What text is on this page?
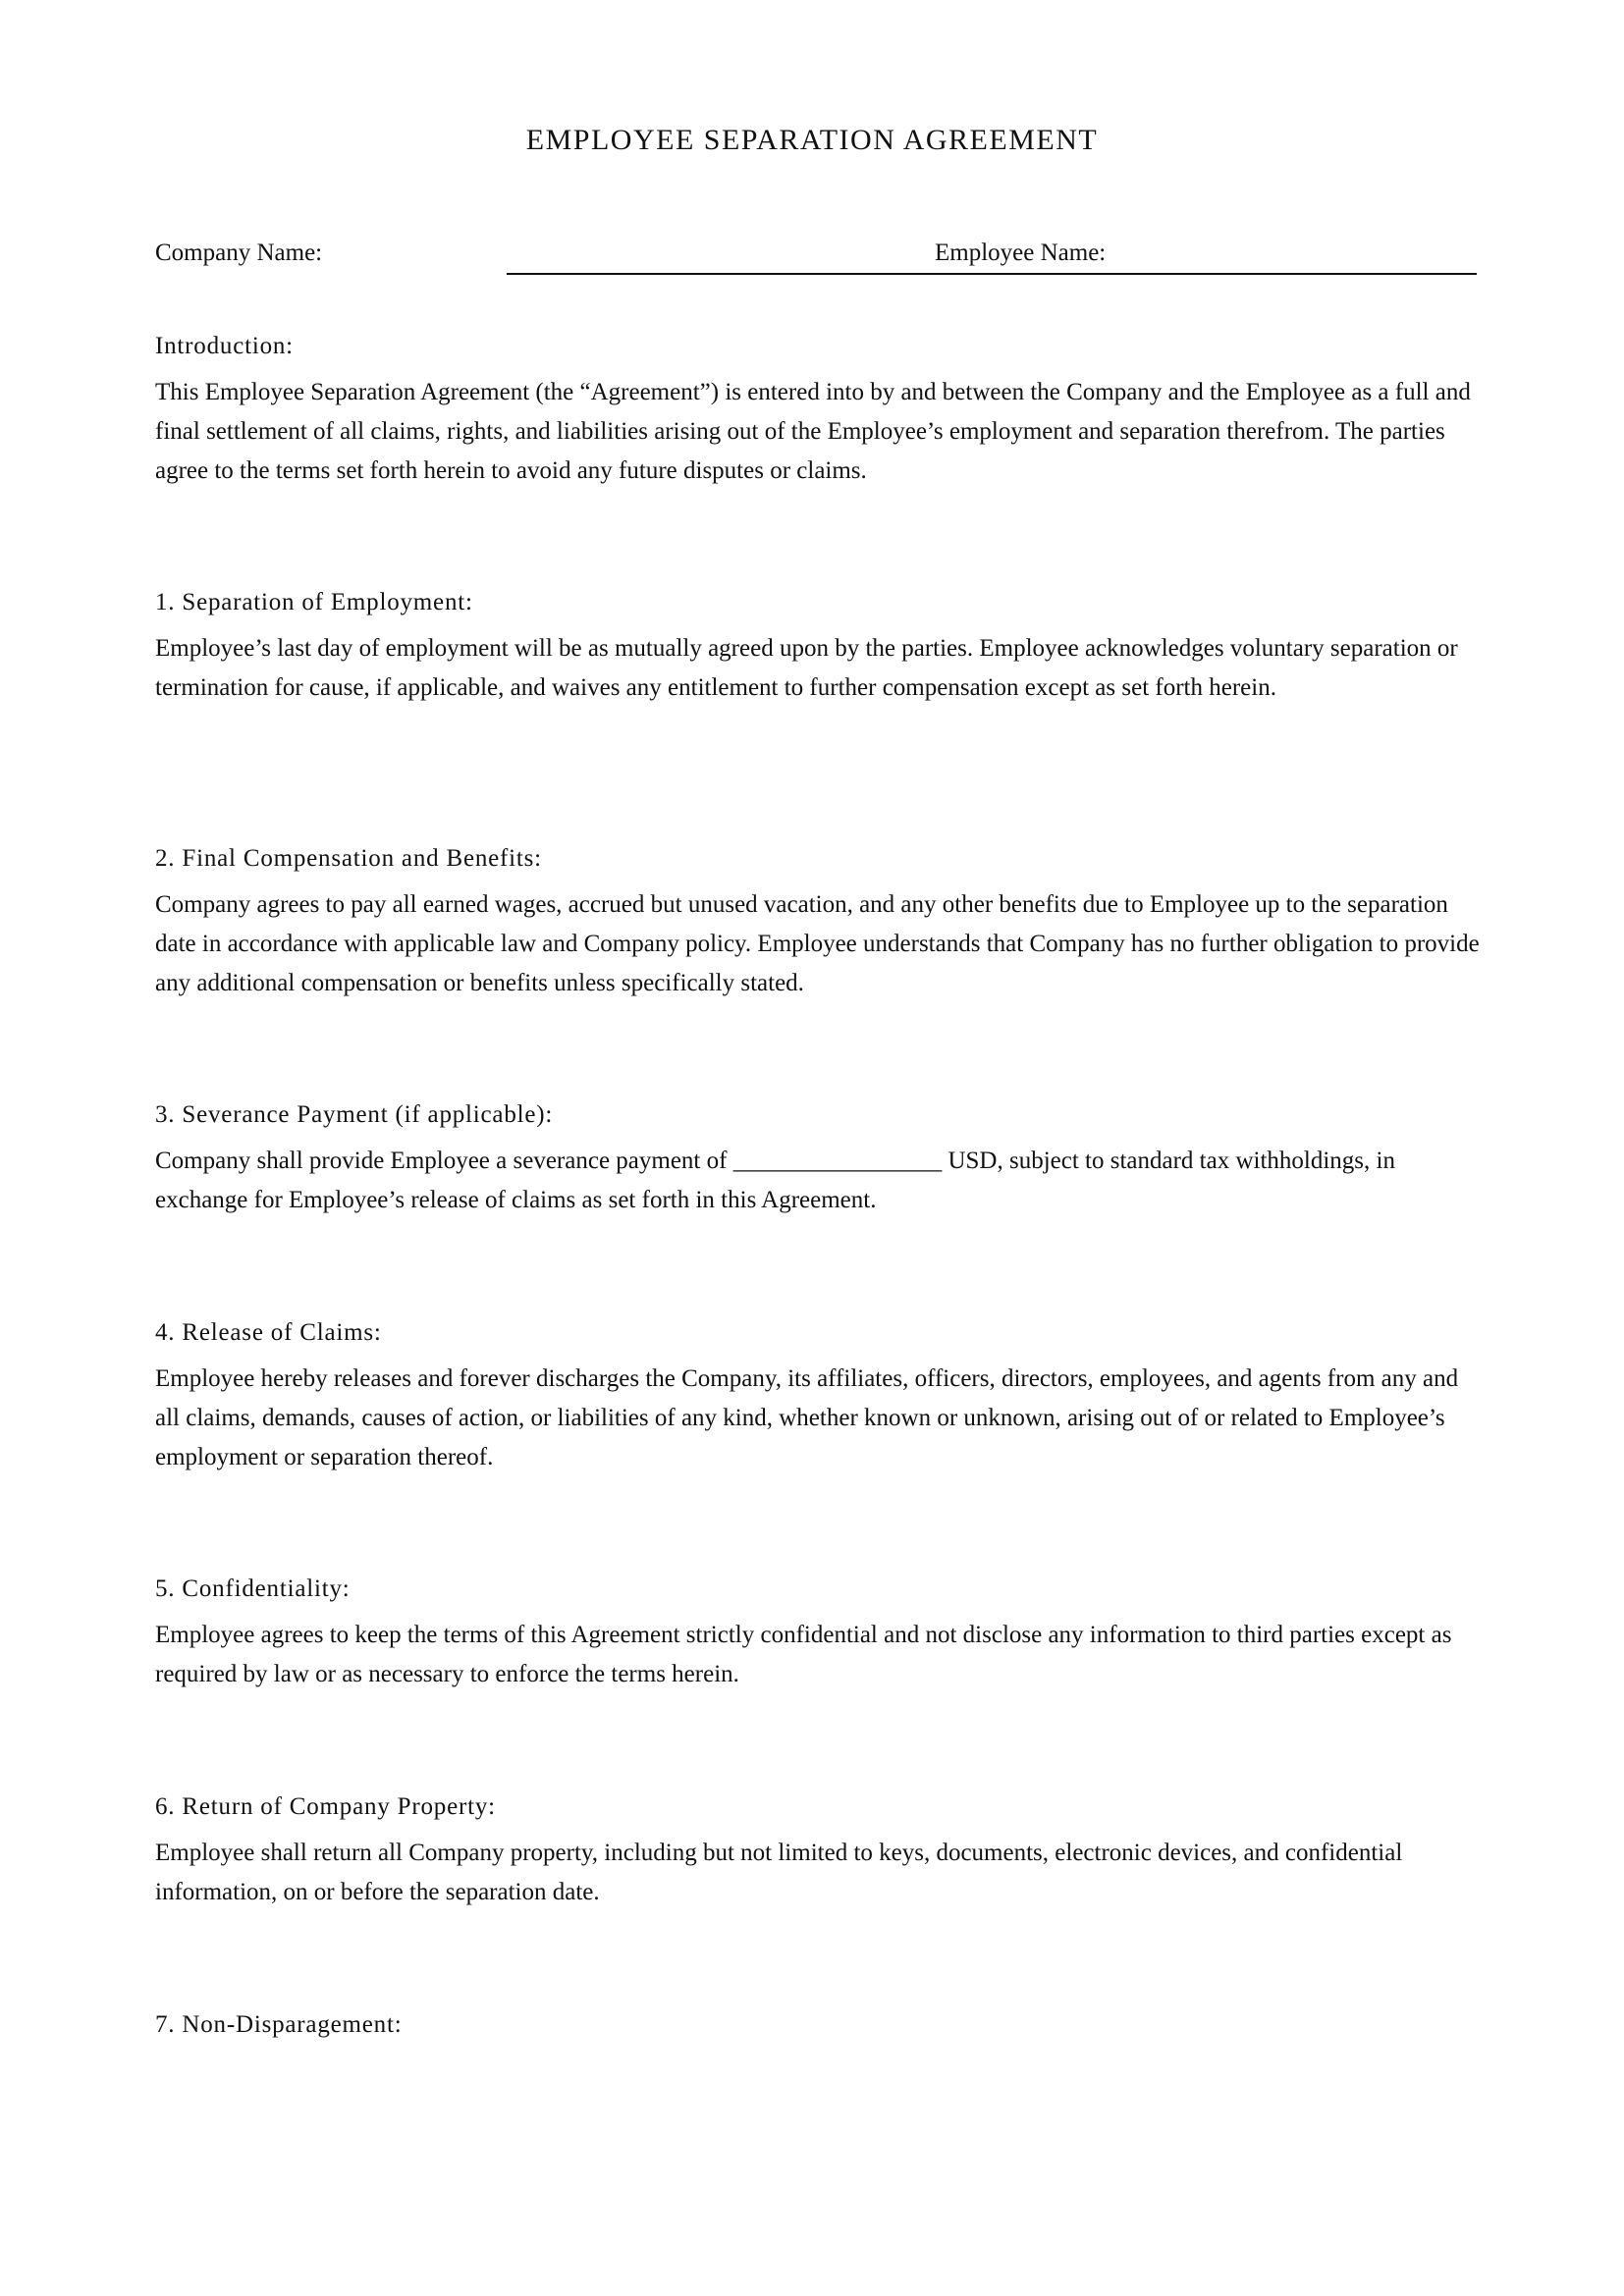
EMPLOYEE SEPARATION AGREEMENT
Company Name:	Employee Name:
Introduction:

This Employee Separation Agreement (the “Agreement”) is entered into by and between the Company and the Employee as a full and final settlement of all claims, rights, and liabilities arising out of the Employee’s employment and separation therefrom. The parties agree to the terms set forth herein to avoid any future disputes or claims.

1. Separation of Employment:

Employee’s last day of employment will be as mutually agreed upon by the parties. Employee acknowledges voluntary separation or termination for cause, if applicable, and waives any entitlement to further compensation except as set forth herein.

2. Final Compensation and Benefits:

Company agrees to pay all earned wages, accrued but unused vacation, and any other benefits due to Employee up to the separation date in accordance with applicable law and Company policy. Employee understands that Company has no further obligation to provide any additional compensation or benefits unless specifically stated.

3. Severance Payment (if applicable):

Company shall provide Employee a severance payment of _________________ USD, subject to standard tax withholdings, in exchange for Employee’s release of claims as set forth in this Agreement.

4. Release of Claims:

Employee hereby releases and forever discharges the Company, its affiliates, officers, directors, employees, and agents from any and all claims, demands, causes of action, or liabilities of any kind, whether known or unknown, arising out of or related to Employee’s employment or separation thereof.

5. Confidentiality:

Employee agrees to keep the terms of this Agreement strictly confidential and not disclose any information to third parties except as required by law or as necessary to enforce the terms herein.

6. Return of Company Property:

Employee shall return all Company property, including but not limited to keys, documents, electronic devices, and confidential information, on or before the separation date.

7. Non-Disparagement:
